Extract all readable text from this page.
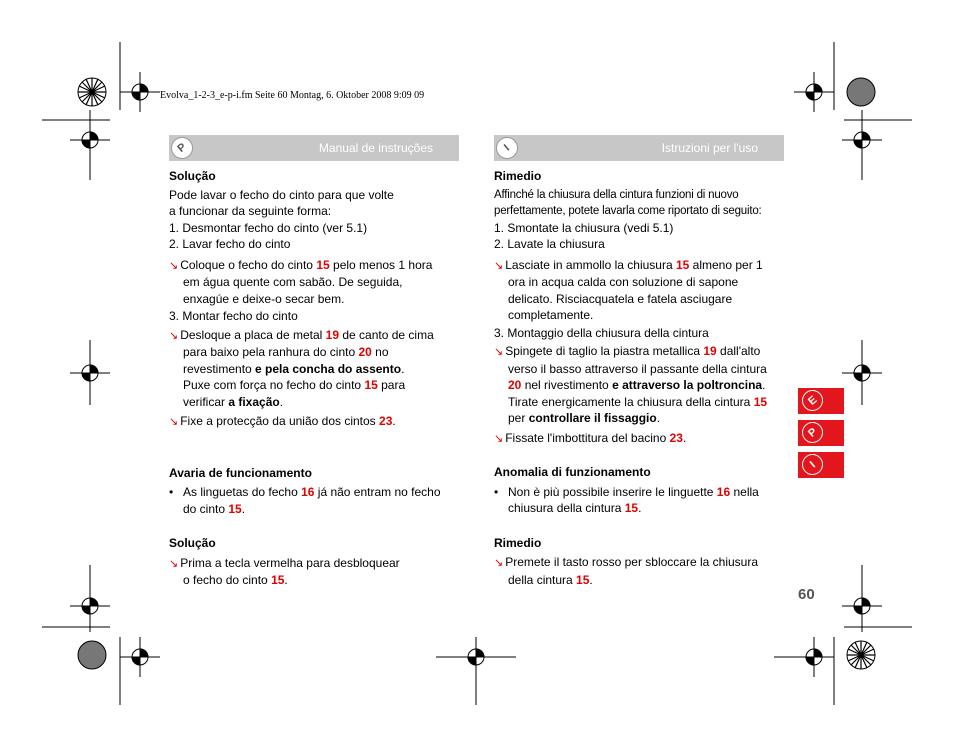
Evolva_1-2-3_e-p-i.fm Seite 60 Montag, 6. Oktober 2008 9:09 09
P	Manual de instruções	I	Istruzioni per l'uso

Solução

Pode lavar o fecho do cinto para que volte

a funcionar da seguinte forma:

1. Desmontar fecho do cinto (ver 5.1)

2. Lavar fecho do cinto

↘ Coloque o fecho do cinto 15 pelo menos 1 hora

em água quente com sabão. De seguida,

enxagúe e deixe-o secar bem.

3. Montar fecho do cinto

↘ Desloque a placa de metal 19 de canto de cima

para baixo pela ranhura do cinto 20 no

revestimento e pela concha do assento.

Puxe com força no fecho do cinto 15 para

verificar a fixação.

↘ Fixe a protecção da união dos cintos 23.

Avaria de funcionamento

• As linguetas do fecho 16 já não entram no fecho

do cinto 15.

Solução

↘ Prima a tecla vermelha para desbloquear

o fecho do cinto 15.

Rimedio

Affinché la chiusura della cintura funzioni di nuovo

perfettamente, potete lavarla come riportato di seguito:

1. Smontate la chiusura (vedi 5.1)

2. Lavate la chiusura

↘ Lasciate in ammollo la chiusura 15 almeno per 1

ora in acqua calda con soluzione di sapone

delicato. Risciacquatela e fatela asciugare

completamente.

3. Montaggio della chiusura della cintura

↘ Spingete di taglio la piastra metallica 19 dall'alto

verso il basso attraverso il passante della cintura

20 nel rivestimento e attraverso la poltroncina.

Tirate energicamente la chiusura della cintura 15

per controllare il fissaggio.

↘ Fissate l'imbottitura del bacino 23.

Anomalia di funzionamento

• Non è più possibile inserire le linguette 16 nella

chiusura della cintura 15.

Rimedio

↘ Premete il tasto rosso per sbloccare la chiusura

della cintura 15.

E
P
I
60
